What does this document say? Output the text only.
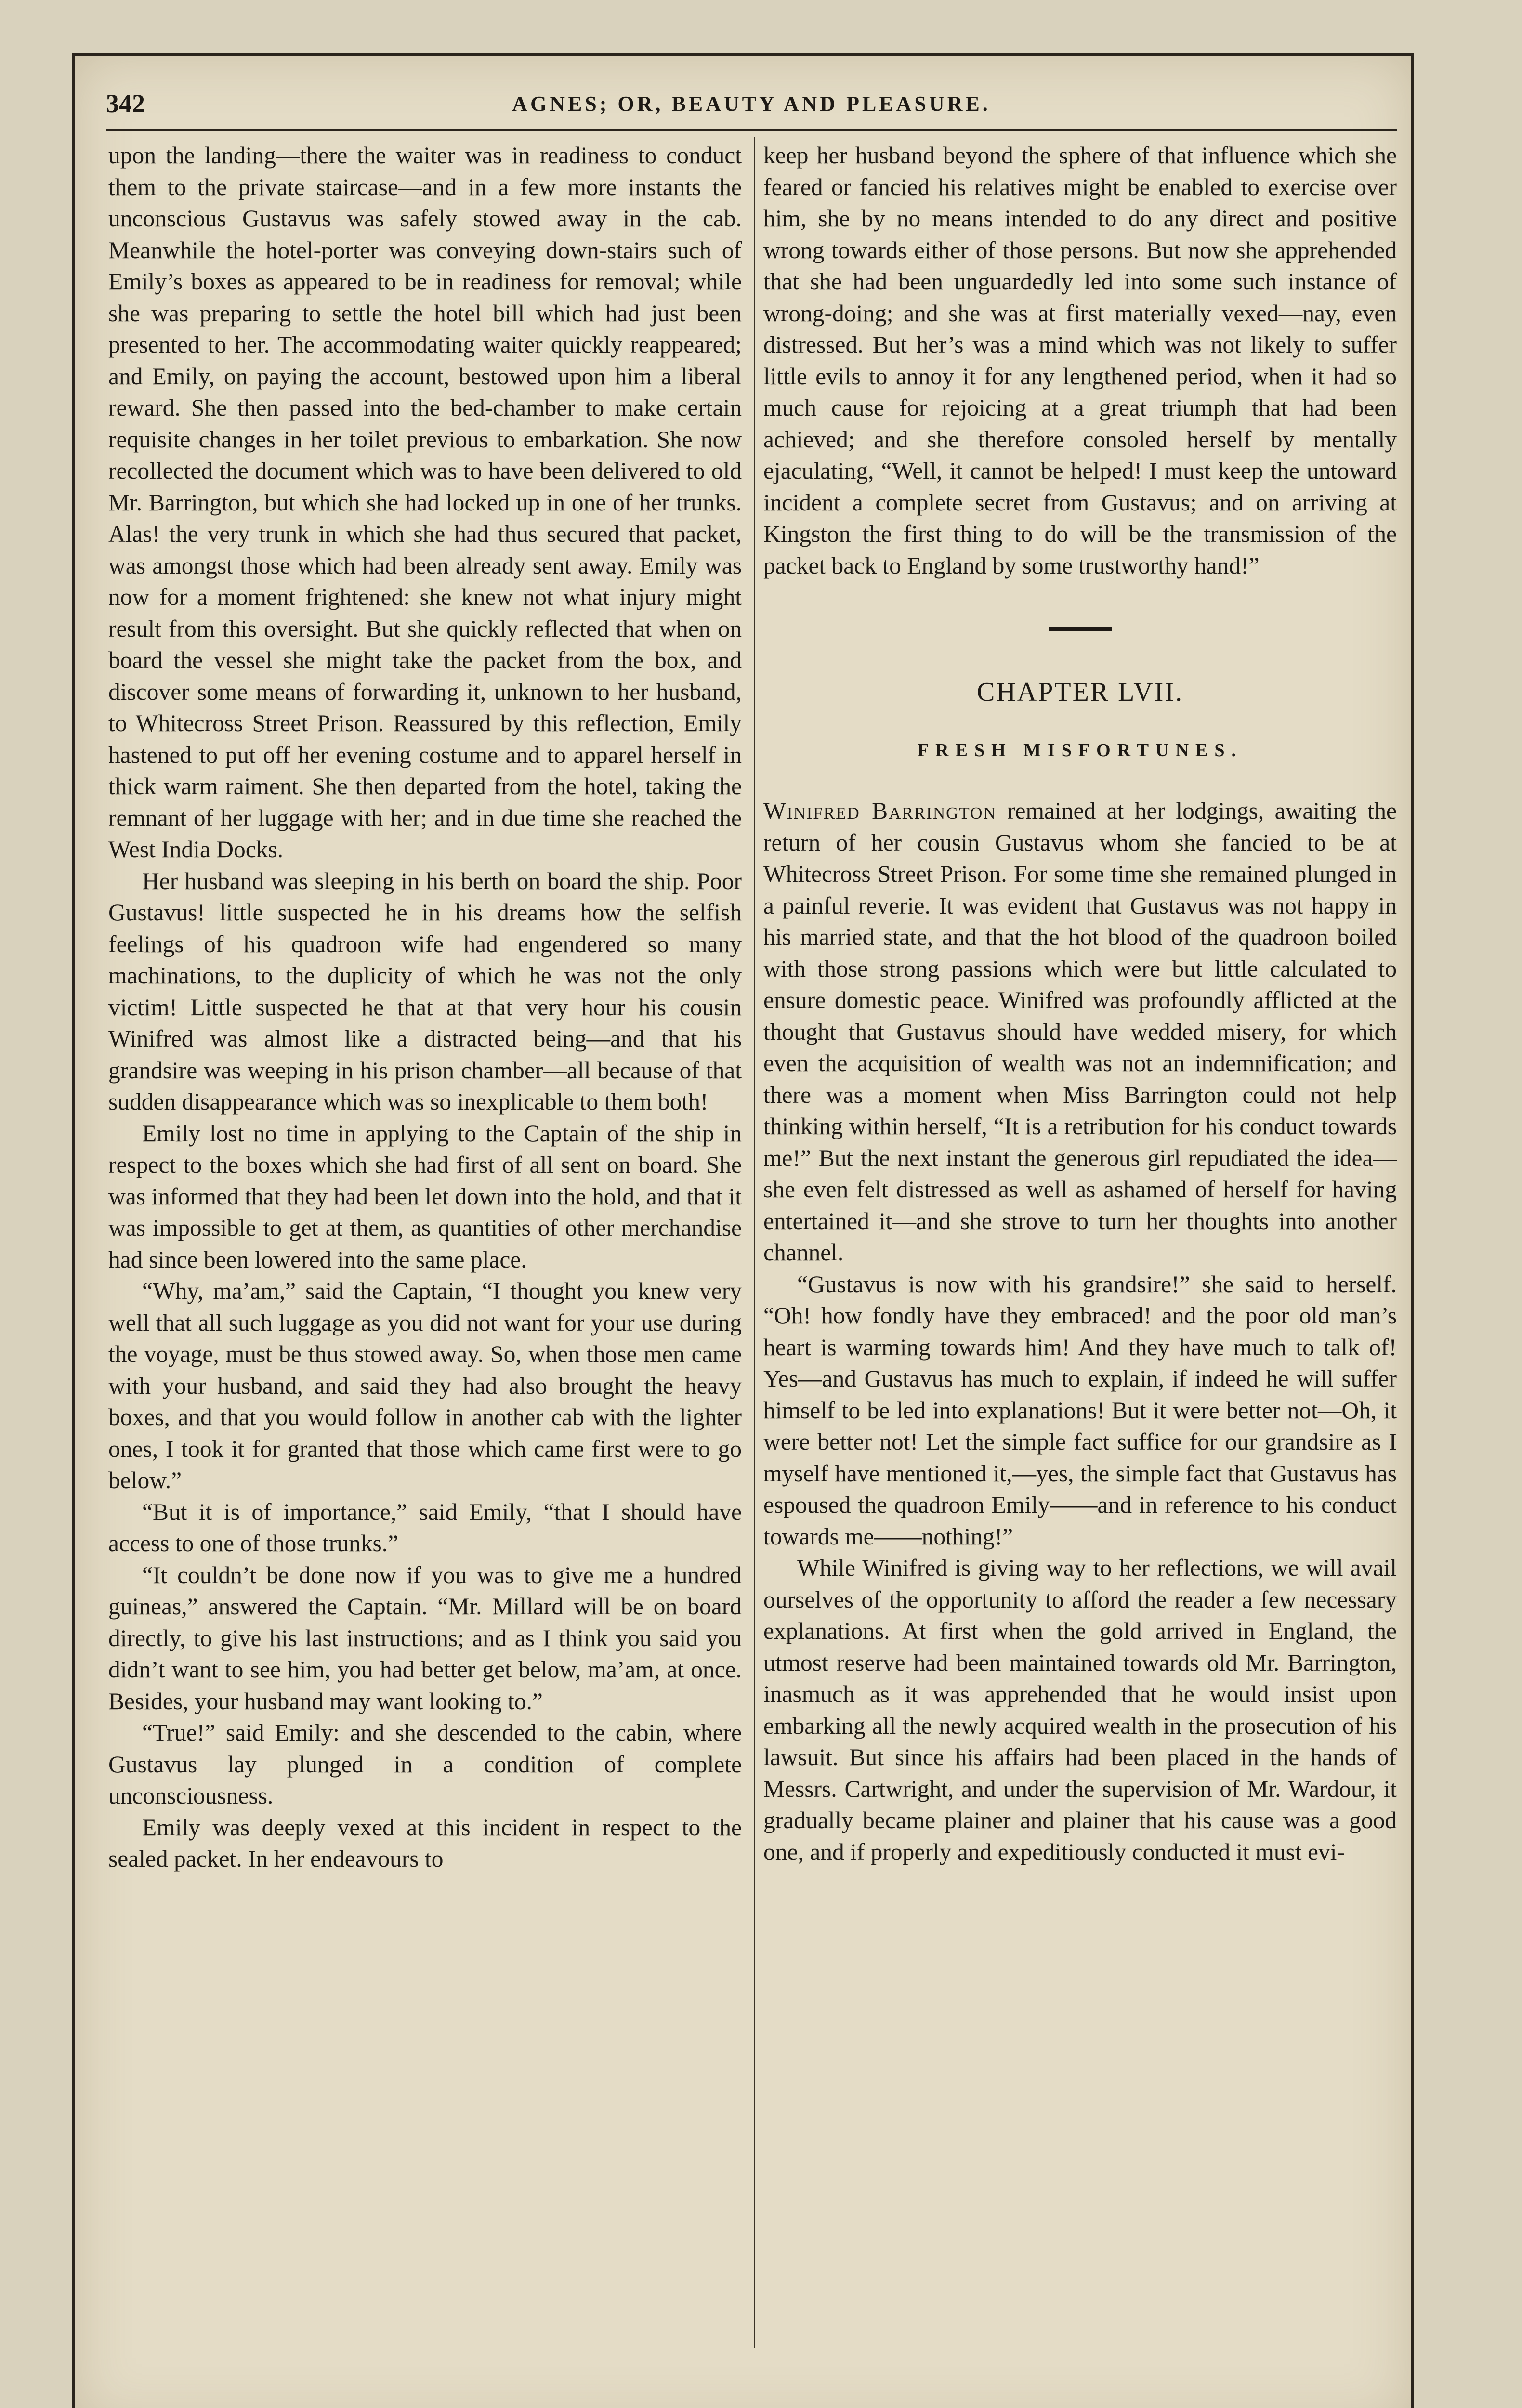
342	AGNES; OR, BEAUTY AND PLEASURE.

upon the landing—there the waiter was in readiness to conduct them to the private staircase—and in a few more instants the unconscious Gustavus was safely stowed away in the cab. Meanwhile the hotel-porter was conveying down-stairs such of Emily’s boxes as appeared to be in readiness for removal; while she was preparing to settle the hotel bill which had just been presented to her. The accommodating waiter quickly reappeared; and Emily, on paying the account, bestowed upon him a liberal reward. She then passed into the bed-chamber to make certain requisite changes in her toilet previous to embarkation. She now recollected the document which was to have been delivered to old Mr. Barrington, but which she had locked up in one of her trunks. Alas! the very trunk in which she had thus secured that packet, was amongst those which had been already sent away. Emily was now for a moment frightened: she knew not what injury might result from this oversight. But she quickly reflected that when on board the vessel she might take the packet from the box, and discover some means of forwarding it, unknown to her husband, to Whitecross Street Prison. Reassured by this reflection, Emily hastened to put off her evening costume and to apparel herself in thick warm raiment. She then departed from the hotel, taking the remnant of her luggage with her; and in due time she reached the West India Docks.

Her husband was sleeping in his berth on board the ship. Poor Gustavus! little suspected he in his dreams how the selfish feelings of his quadroon wife had engendered so many machinations, to the duplicity of which he was not the only victim! Little suspected he that at that very hour his cousin Winifred was almost like a distracted being—and that his grandsire was weeping in his prison chamber—all because of that sudden disappearance which was so inexplicable to them both!

Emily lost no time in applying to the Captain of the ship in respect to the boxes which she had first of all sent on board. She was informed that they had been let down into the hold, and that it was impossible to get at them, as quantities of other merchandise had since been lowered into the same place.

“Why, ma’am,” said the Captain, “I thought you knew very well that all such luggage as you did not want for your use during the voyage, must be thus stowed away. So, when those men came with your husband, and said they had also brought the heavy boxes, and that you would follow in another cab with the lighter ones, I took it for granted that those which came first were to go below.”

“But it is of importance,” said Emily, “that I should have access to one of those trunks.”

“It couldn’t be done now if you was to give me a hundred guineas,” answered the Captain. “Mr. Millard will be on board directly, to give his last instructions; and as I think you said you didn’t want to see him, you had better get below, ma’am, at once. Besides, your husband may want looking to.”

“True!” said Emily: and she descended to the cabin, where Gustavus lay plunged in a condition of complete unconsciousness.

Emily was deeply vexed at this incident in respect to the sealed packet. In her endeavours to

keep her husband beyond the sphere of that influence which she feared or fancied his relatives might be enabled to exercise over him, she by no means intended to do any direct and positive wrong towards either of those persons. But now she apprehended that she had been unguardedly led into some such instance of wrong-doing; and she was at first materially vexed—nay, even distressed. But her’s was a mind which was not likely to suffer little evils to annoy it for any lengthened period, when it had so much cause for rejoicing at a great triumph that had been achieved; and she therefore consoled herself by mentally ejaculating, “Well, it cannot be helped! I must keep the untoward incident a complete secret from Gustavus; and on arriving at Kingston the first thing to do will be the transmission of the packet back to England by some trustworthy hand!”

CHAPTER LVII.
FRESH MISFORTUNES.

Winifred Barrington remained at her lodgings, awaiting the return of her cousin Gustavus whom she fancied to be at Whitecross Street Prison. For some time she remained plunged in a painful reverie. It was evident that Gustavus was not happy in his married state, and that the hot blood of the quadroon boiled with those strong passions which were but little calculated to ensure domestic peace. Winifred was profoundly afflicted at the thought that Gustavus should have wedded misery, for which even the acquisition of wealth was not an indemnification; and there was a moment when Miss Barrington could not help thinking within herself, “It is a retribution for his conduct towards me!” But the next instant the generous girl repudiated the idea—she even felt distressed as well as ashamed of herself for having entertained it—and she strove to turn her thoughts into another channel.

“Gustavus is now with his grandsire!” she said to herself. “Oh! how fondly have they embraced! and the poor old man’s heart is warming towards him! And they have much to talk of! Yes—and Gustavus has much to explain, if indeed he will suffer himself to be led into explanations! But it were better not—Oh, it were better not! Let the simple fact suffice for our grandsire as I myself have mentioned it,—yes, the simple fact that Gustavus has espoused the quadroon Emily——and in reference to his conduct towards me——nothing!”

While Winifred is giving way to her reflections, we will avail ourselves of the opportunity to afford the reader a few necessary explanations. At first when the gold arrived in England, the utmost reserve had been maintained towards old Mr. Barrington, inasmuch as it was apprehended that he would insist upon embarking all the newly acquired wealth in the prosecution of his lawsuit. But since his affairs had been placed in the hands of Messrs. Cartwright, and under the supervision of Mr. Wardour, it gradually became plainer and plainer that his cause was a good one, and if properly and expeditiously conducted it must evi-
